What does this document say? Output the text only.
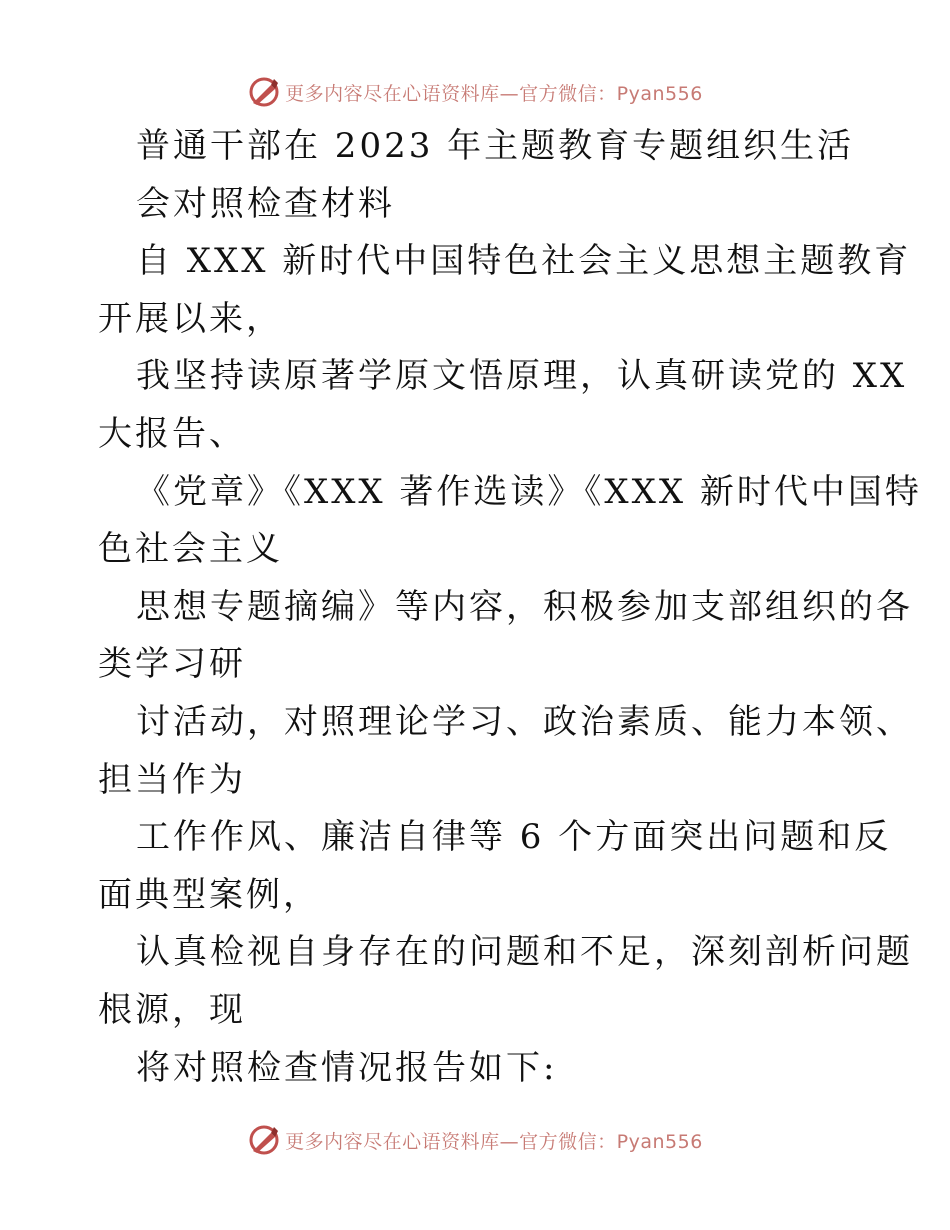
更多内容尽在心语资料库—官方微信：Pyan556
普通干部在 2023 年主题教育专题组织生活
会对照检查材料
自 XXX 新时代中国特色社会主义思想主题教育
开展以来，
我坚持读原著学原文悟原理，认真研读党的 XX
大报告、
《党章》《XXX 著作选读》《XXX 新时代中国特
色社会主义
思想专题摘编》等内容，积极参加支部组织的各
类学习研
讨活动，对照理论学习、政治素质、能力本领、
担当作为
工作作风、廉洁自律等 6 个方面突出问题和反
面典型案例，
认真检视自身存在的问题和不足，深刻剖析问题
根源，现
将对照检查情况报告如下:
更多内容尽在心语资料库—官方微信：Pyan556
